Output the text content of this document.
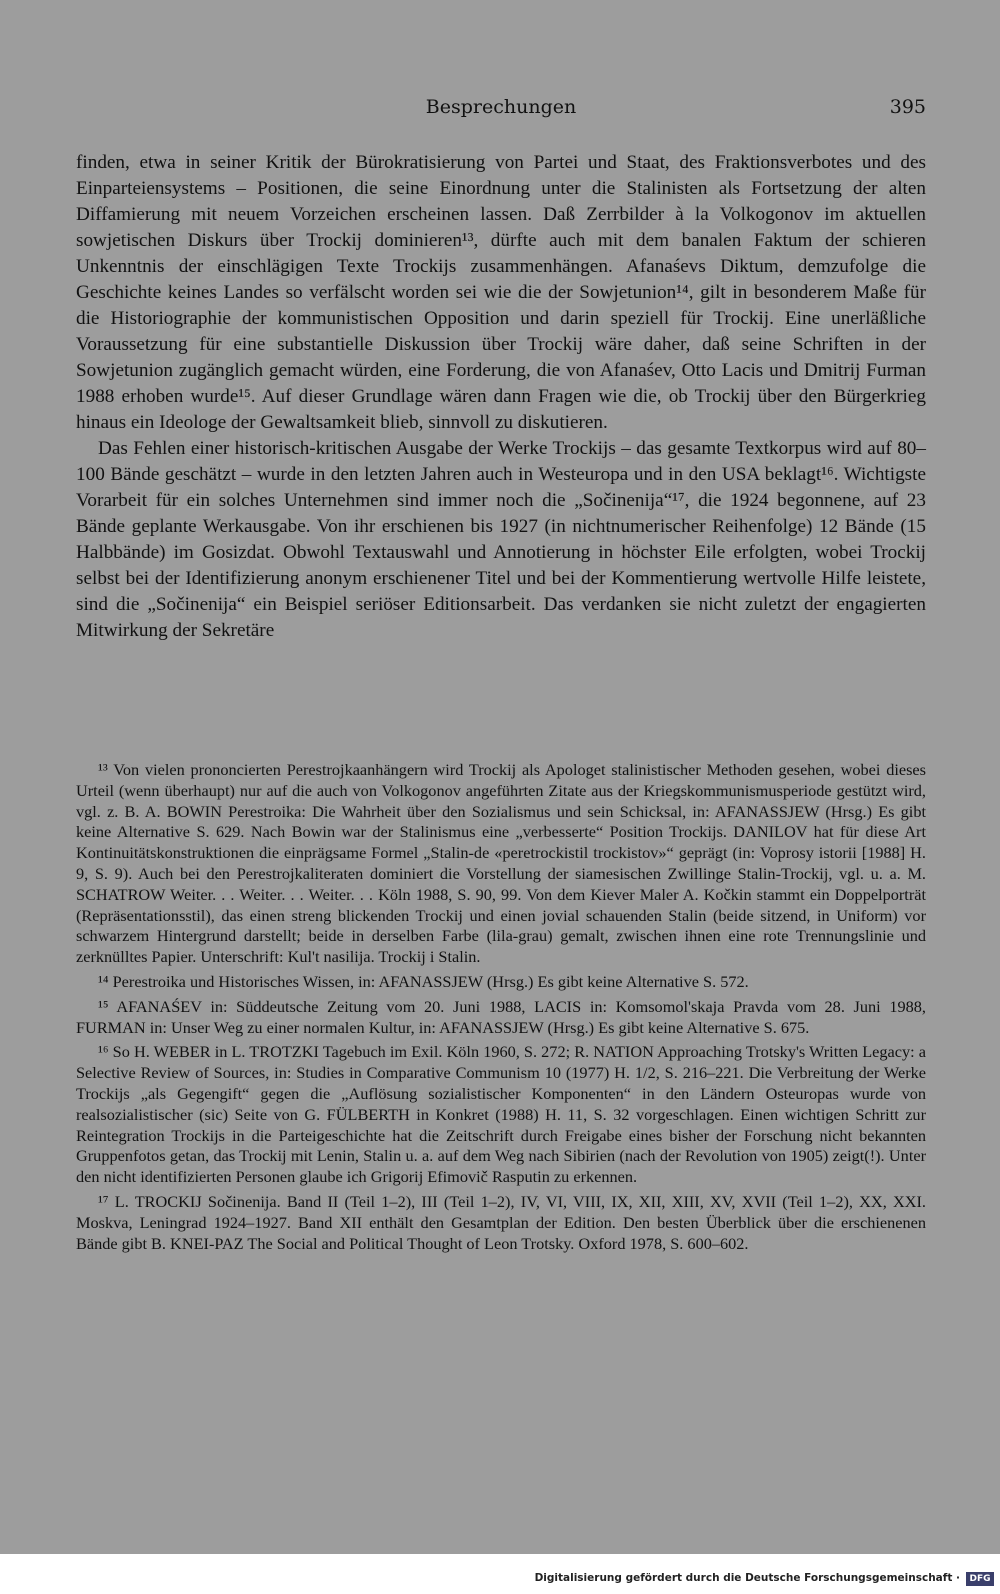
Besprechungen	395

finden, etwa in seiner Kritik der Bürokratisierung von Partei und Staat, des Fraktionsverbotes und des Einparteiensystems – Positionen, die seine Einordnung unter die Stalinisten als Fortsetzung der alten Diffamierung mit neuem Vorzeichen erscheinen lassen. Daß Zerrbilder à la Volkogonov im aktuellen sowjetischen Diskurs über Trockij dominieren¹³, dürfte auch mit dem banalen Faktum der schieren Unkenntnis der einschlägigen Texte Trockijs zusammenhängen. Afanaśevs Diktum, demzufolge die Geschichte keines Landes so verfälscht worden sei wie die der Sowjetunion¹⁴, gilt in besonderem Maße für die Historiographie der kommunistischen Opposition und darin speziell für Trockij. Eine unerläßliche Voraussetzung für eine substantielle Diskussion über Trockij wäre daher, daß seine Schriften in der Sowjetunion zugänglich gemacht würden, eine Forderung, die von Afanaśev, Otto Lacis und Dmitrij Furman 1988 erhoben wurde¹⁵. Auf dieser Grundlage wären dann Fragen wie die, ob Trockij über den Bürgerkrieg hinaus ein Ideologe der Gewaltsamkeit blieb, sinnvoll zu diskutieren.

Das Fehlen einer historisch-kritischen Ausgabe der Werke Trockijs – das gesamte Textkorpus wird auf 80–100 Bände geschätzt – wurde in den letzten Jahren auch in Westeuropa und in den USA beklagt¹⁶. Wichtigste Vorarbeit für ein solches Unternehmen sind immer noch die „Sočinenija“¹⁷, die 1924 begonnene, auf 23 Bände geplante Werkausgabe. Von ihr erschienen bis 1927 (in nichtnumerischer Reihenfolge) 12 Bände (15 Halbbände) im Gosizdat. Obwohl Textauswahl und Annotierung in höchster Eile erfolgten, wobei Trockij selbst bei der Identifizierung anonym erschienener Titel und bei der Kommentierung wertvolle Hilfe leistete, sind die „Sočinenija“ ein Beispiel seriöser Editionsarbeit. Das verdanken sie nicht zuletzt der engagierten Mitwirkung der Sekretäre

¹³ Von vielen prononcierten Perestrojkaanhängern wird Trockij als Apologet stalinistischer Methoden gesehen, wobei dieses Urteil (wenn überhaupt) nur auf die auch von Volkogonov angeführten Zitate aus der Kriegskommunismusperiode gestützt wird, vgl. z. B. A. BOWIN Perestroika: Die Wahrheit über den Sozialismus und sein Schicksal, in: AFANASSJEW (Hrsg.) Es gibt keine Alternative S. 629. Nach Bowin war der Stalinismus eine „verbesserte“ Position Trockijs. DANILOV hat für diese Art Kontinuitätskonstruktionen die einprägsame Formel „Stalin-de «peretrockistil trockistov»“ geprägt (in: Voprosy istorii [1988] H. 9, S. 9). Auch bei den Perestrojkaliteraten dominiert die Vorstellung der siamesischen Zwillinge Stalin-Trockij, vgl. u. a. M. SCHATROW Weiter. . . Weiter. . . Weiter. . . Köln 1988, S. 90, 99. Von dem Kiever Maler A. Kočkin stammt ein Doppelporträt (Repräsentationsstil), das einen streng blickenden Trockij und einen jovial schauenden Stalin (beide sitzend, in Uniform) vor schwarzem Hintergrund darstellt; beide in derselben Farbe (lila-grau) gemalt, zwischen ihnen eine rote Trennungslinie und zerknülltes Papier. Unterschrift: Kul't nasilija. Trockij i Stalin.

¹⁴ Perestroika und Historisches Wissen, in: AFANASSJEW (Hrsg.) Es gibt keine Alternative S. 572.

¹⁵ AFANAŚEV in: Süddeutsche Zeitung vom 20. Juni 1988, LACIS in: Komsomol'skaja Pravda vom 28. Juni 1988, FURMAN in: Unser Weg zu einer normalen Kultur, in: AFANASSJEW (Hrsg.) Es gibt keine Alternative S. 675.

¹⁶ So H. WEBER in L. TROTZKI Tagebuch im Exil. Köln 1960, S. 272; R. NATION Approaching Trotsky's Written Legacy: a Selective Review of Sources, in: Studies in Comparative Communism 10 (1977) H. 1/2, S. 216–221. Die Verbreitung der Werke Trockijs „als Gegengift“ gegen die „Auflösung sozialistischer Komponenten“ in den Ländern Osteuropas wurde von realsozialistischer (sic) Seite von G. FÜLBERTH in Konkret (1988) H. 11, S. 32 vorgeschlagen. Einen wichtigen Schritt zur Reintegration Trockijs in die Parteigeschichte hat die Zeitschrift durch Freigabe eines bisher der Forschung nicht bekannten Gruppenfotos getan, das Trockij mit Lenin, Stalin u. a. auf dem Weg nach Sibirien (nach der Revolution von 1905) zeigt(!). Unter den nicht identifizierten Personen glaube ich Grigorij Efimovič Rasputin zu erkennen.

¹⁷ L. TROCKIJ Sočinenija. Band II (Teil 1–2), III (Teil 1–2), IV, VI, VIII, IX, XII, XIII, XV, XVII (Teil 1–2), XX, XXI. Moskva, Leningrad 1924–1927. Band XII enthält den Gesamtplan der Edition. Den besten Überblick über die erschienenen Bände gibt B. KNEI-PAZ The Social and Political Thought of Leon Trotsky. Oxford 1978, S. 600–602.

Digitalisierung gefördert durch die Deutsche Forschungsgemeinschaft ·	DFG
